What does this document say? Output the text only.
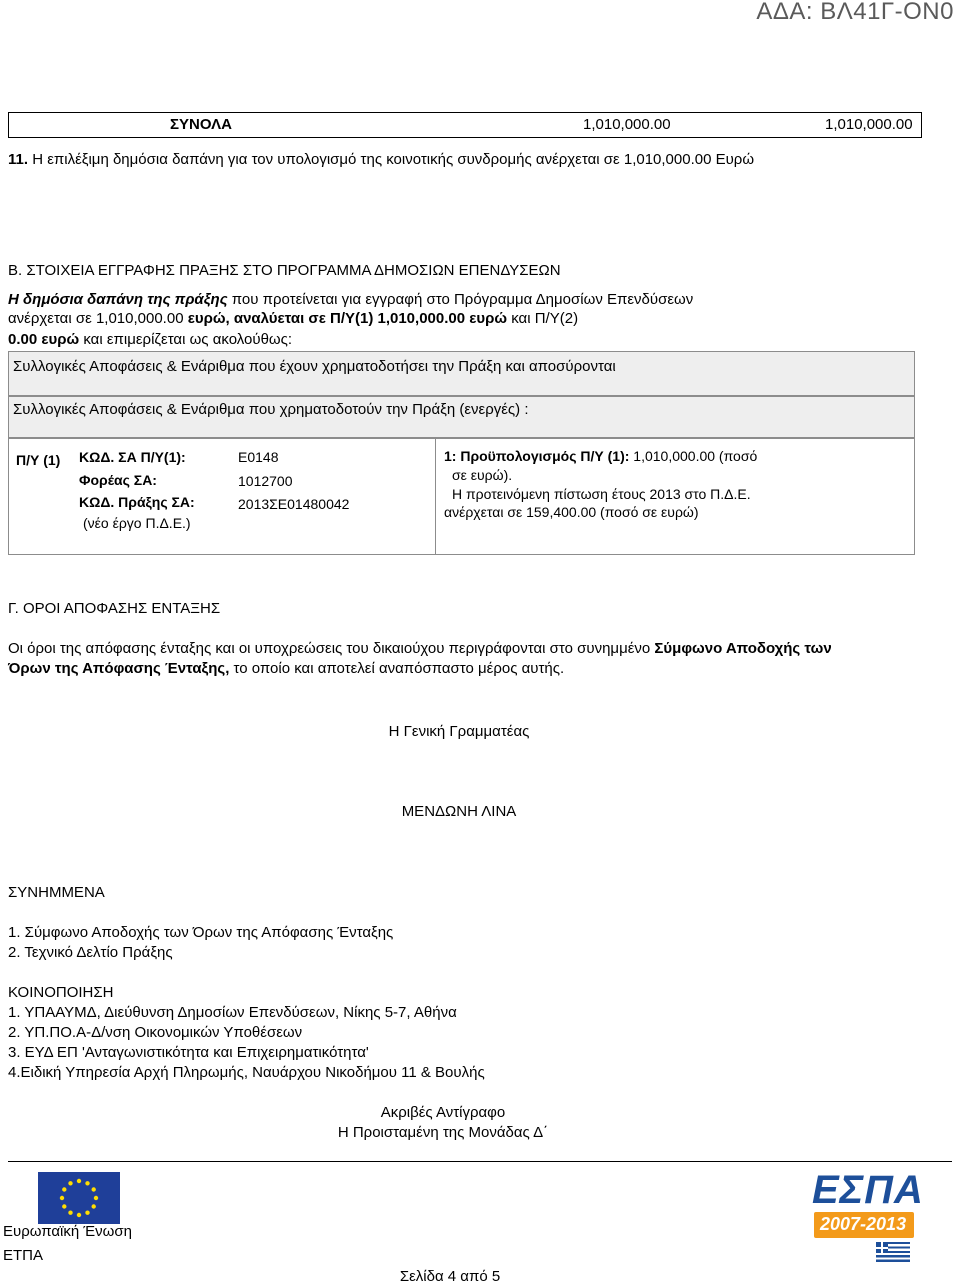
ΑΔΑ: ΒΛ41Γ-ΟΝ0
ΣΥΝΟΛΑ	1,010,000.00	1,010,000.00
11. Η επιλέξιμη δημόσια δαπάνη για τον υπολογισμό της κοινοτικής συνδρομής ανέρχεται σε 1,010,000.00 Ευρώ
Β. ΣΤΟΙΧΕΙΑ ΕΓΓΡΑΦΗΣ ΠΡΑΞΗΣ ΣΤΟ ΠΡΟΓΡΑΜΜΑ ΔΗΜΟΣΙΩΝ ΕΠΕΝΔΥΣΕΩΝ
Η δημόσια δαπάνη της πράξης που προτείνεται για εγγραφή στο Πρόγραμμα Δημοσίων Επενδύσεων
ανέρχεται σε 1,010,000.00 ευρώ, αναλύεται σε Π/Υ(1) 1,010,000.00 ευρώ και Π/Υ(2)
0.00 ευρώ και επιμερίζεται ως ακολούθως:
Συλλογικές Αποφάσεις & Ενάριθμα που έχουν χρηματοδοτήσει την Πράξη και αποσύρονται
Συλλογικές Αποφάσεις & Ενάριθμα που χρηματοδοτούν την Πράξη (ενεργές) :
Π/Υ (1) ΚΩΔ. ΣΑ Π/Υ(1):	Ε0148
Φορέας ΣΑ:	1012700
ΚΩΔ. Πράξης ΣΑ:	2013ΣΕ01480042
(νέο έργο Π.Δ.Ε.)
1: Προϋπολογισμός Π/Υ (1): 1,010,000.00 (ποσό
σε ευρώ).
Η προτεινόμενη πίστωση έτους 2013 στο Π.Δ.Ε.
ανέρχεται σε 159,400.00 (ποσό σε ευρώ)
Γ. ΟΡΟΙ ΑΠΟΦΑΣΗΣ ΕΝΤΑΞΗΣ
Οι όροι της απόφασης ένταξης και οι υποχρεώσεις του δικαιούχου περιγράφονται στο συνημμένο Σύμφωνο Αποδοχής των
Όρων της Απόφασης Ένταξης, το οποίο και αποτελεί αναπόσπαστο μέρος αυτής.
Η Γενική Γραμματέας
ΜΕΝΔΩΝΗ ΛΙΝΑ
ΣΥΝΗΜΜΕΝΑ
1. Σύμφωνο Αποδοχής των Όρων της Απόφασης Ένταξης
2. Τεχνικό Δελτίο Πράξης
ΚΟΙΝΟΠΟΙΗΣΗ
1. ΥΠΑΑΥΜΔ, Διεύθυνση Δημοσίων Επενδύσεων, Νίκης 5-7, Αθήνα
2. ΥΠ.ΠΟ.Α-Δ/νση Οικονομικών Υποθέσεων
3. ΕΥΔ ΕΠ 'Ανταγωνιστικότητα και Επιχειρηματικότητα'
4.Ειδική Υπηρεσία Αρχή Πληρωμής, Ναυάρχου Νικοδήμου 11 & Βουλής
Ακριβές Αντίγραφο
Η Προισταμένη της Μονάδας Δ΄
Ευρωπαϊκή Ένωση
ΕΤΠΑ
ΕΣΠΑ
2007-2013
Σελίδα 4 από 5
